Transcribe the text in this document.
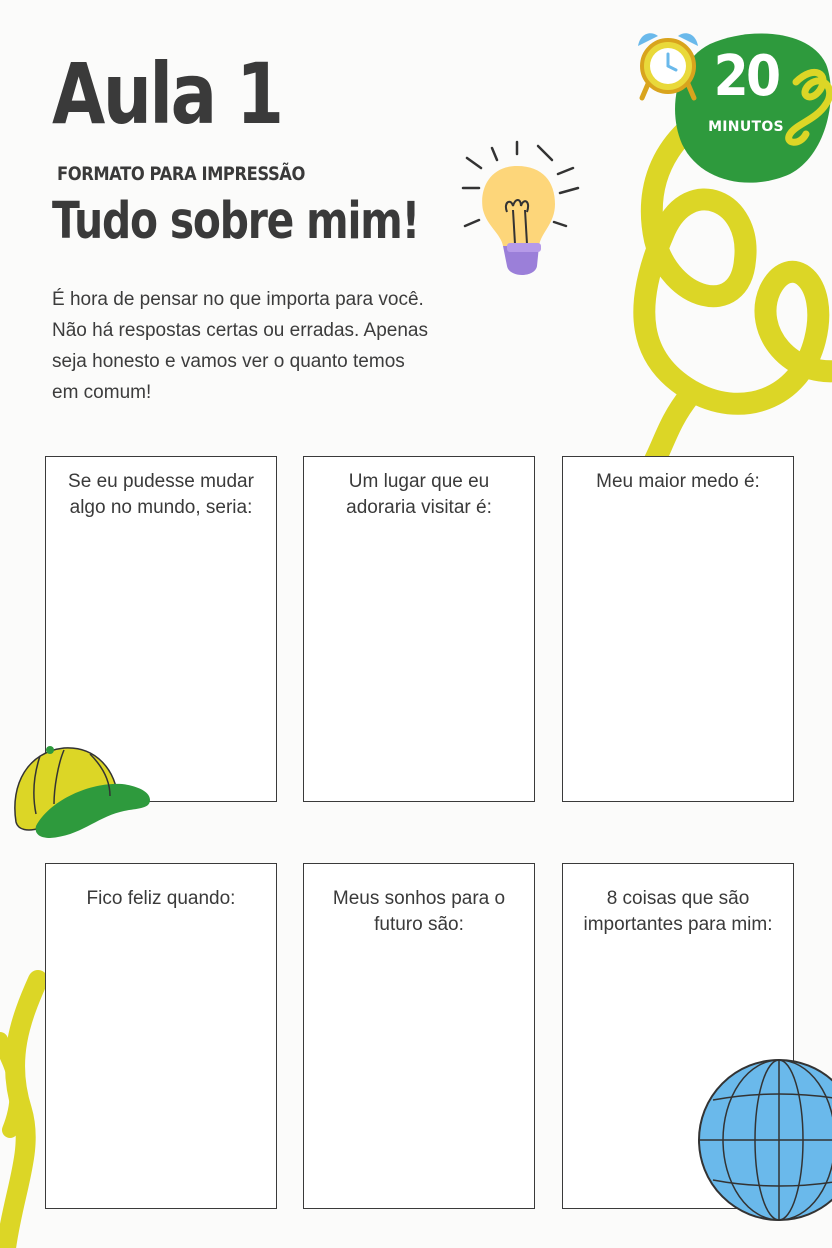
Aula 1
FORMATO PARA IMPRESSÃO
Tudo sobre mim!

É hora de pensar no que importa para você. Não há respostas certas ou erradas. Apenas seja honesto e vamos ver o quanto temos em comum!

20
MINUTOS
Se eu pudesse mudar algo no mundo, seria:
Um lugar que eu adoraria visitar é:
Meu maior medo é:
Fico feliz quando:	Meus sonhos para o futuro são:
8 coisas que são importantes para mim:
